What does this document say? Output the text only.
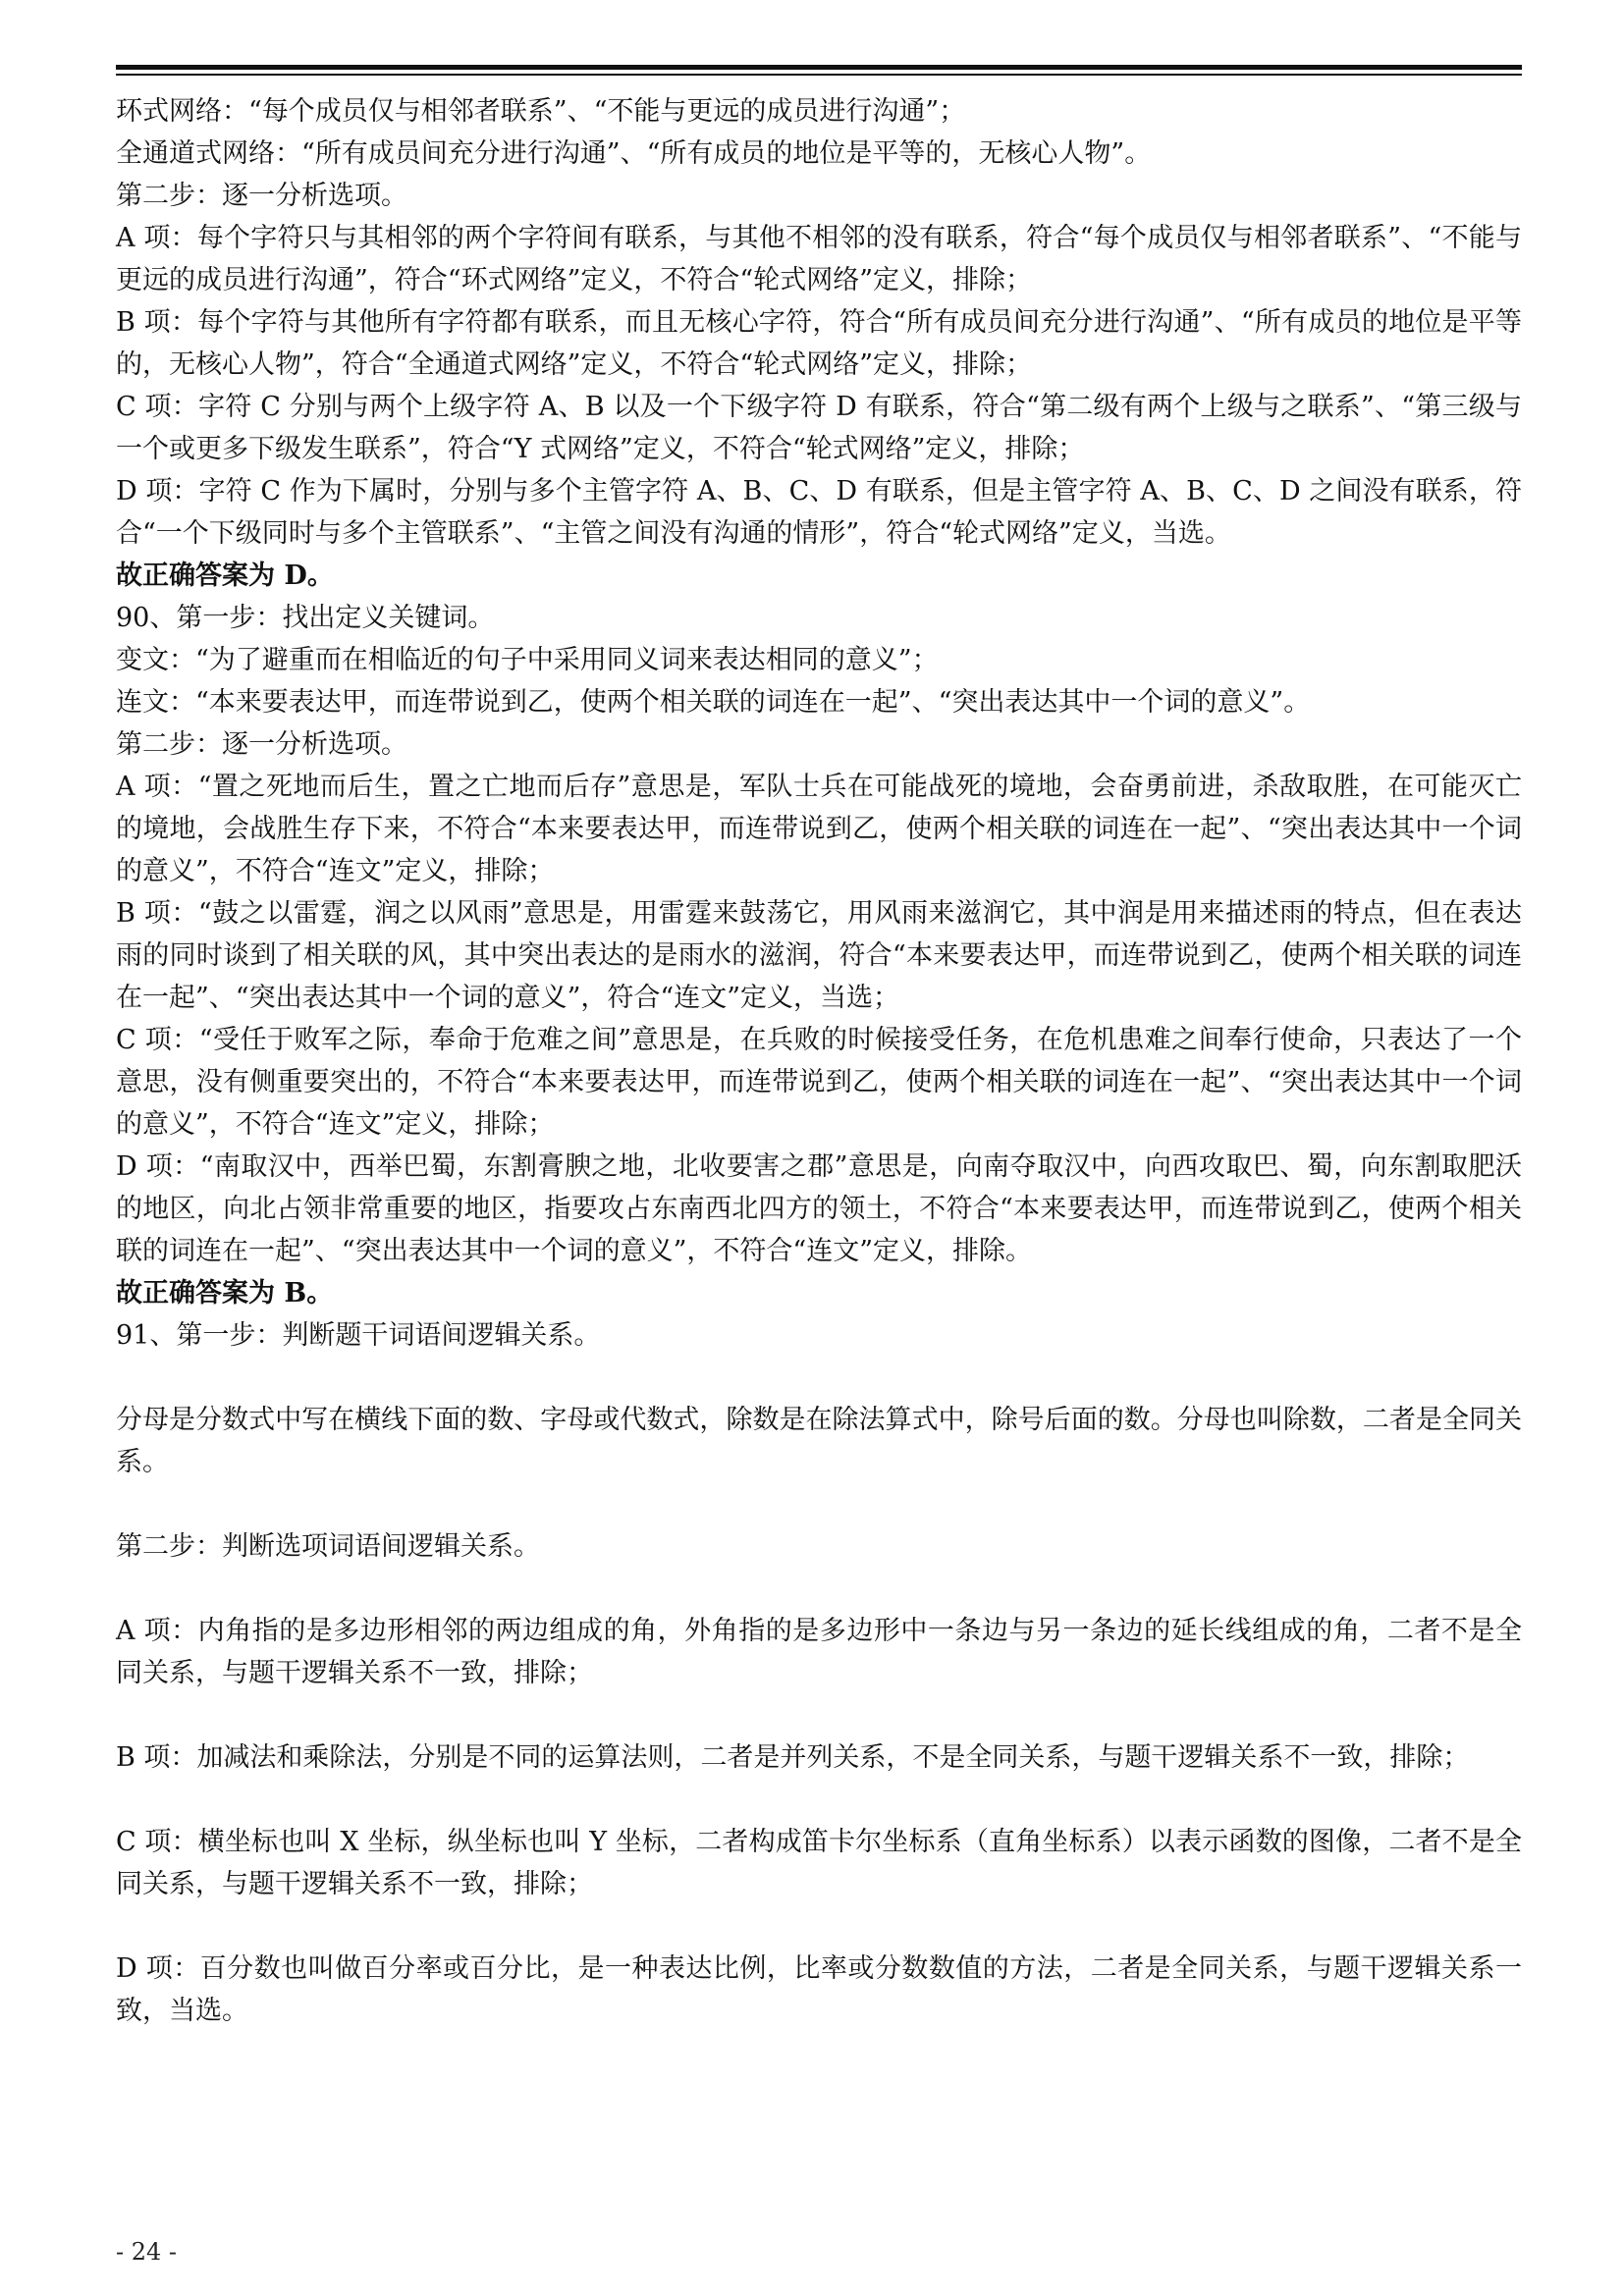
环式网络：“每个成员仅与相邻者联系”、“不能与更远的成员进行沟通”；

全通道式网络：“所有成员间充分进行沟通”、“所有成员的地位是平等的，无核心人物”。

第二步：逐一分析选项。

A 项：每个字符只与其相邻的两个字符间有联系，与其他不相邻的没有联系，符合“每个成员仅与相邻者联系”、“不能与更远的成员进行沟通”，符合“环式网络”定义，不符合“轮式网络”定义，排除；

B 项：每个字符与其他所有字符都有联系，而且无核心字符，符合“所有成员间充分进行沟通”、“所有成员的地位是平等的，无核心人物”，符合“全通道式网络”定义，不符合“轮式网络”定义，排除；

C 项：字符 C 分别与两个上级字符 A、B 以及一个下级字符 D 有联系，符合“第二级有两个上级与之联系”、“第三级与一个或更多下级发生联系”，符合“Y 式网络”定义，不符合“轮式网络”定义，排除；

D 项：字符 C 作为下属时，分别与多个主管字符 A、B、C、D 有联系，但是主管字符 A、B、C、D 之间没有联系，符合“一个下级同时与多个主管联系”、“主管之间没有沟通的情形”，符合“轮式网络”定义，当选。

故正确答案为 D。

90、第一步：找出定义关键词。

变文：“为了避重而在相临近的句子中采用同义词来表达相同的意义”；

连文：“本来要表达甲，而连带说到乙，使两个相关联的词连在一起”、“突出表达其中一个词的意义”。

第二步：逐一分析选项。

A 项：“置之死地而后生，置之亡地而后存”意思是，军队士兵在可能战死的境地，会奋勇前进，杀敌取胜，在可能灭亡的境地，会战胜生存下来，不符合“本来要表达甲，而连带说到乙，使两个相关联的词连在一起”、“突出表达其中一个词的意义”，不符合“连文”定义，排除；

B 项：“鼓之以雷霆，润之以风雨”意思是，用雷霆来鼓荡它，用风雨来滋润它，其中润是用来描述雨的特点，但在表达雨的同时谈到了相关联的风，其中突出表达的是雨水的滋润，符合“本来要表达甲，而连带说到乙，使两个相关联的词连在一起”、“突出表达其中一个词的意义”，符合“连文”定义，当选；

C 项：“受任于败军之际，奉命于危难之间”意思是，在兵败的时候接受任务，在危机患难之间奉行使命，只表达了一个意思，没有侧重要突出的，不符合“本来要表达甲，而连带说到乙，使两个相关联的词连在一起”、“突出表达其中一个词的意义”，不符合“连文”定义，排除；

D 项：“南取汉中，西举巴蜀，东割膏腴之地，北收要害之郡”意思是，向南夺取汉中，向西攻取巴、蜀，向东割取肥沃的地区，向北占领非常重要的地区，指要攻占东南西北四方的领土，不符合“本来要表达甲，而连带说到乙，使两个相关联的词连在一起”、“突出表达其中一个词的意义”，不符合“连文”定义，排除。

故正确答案为 B。

91、第一步：判断题干词语间逻辑关系。

分母是分数式中写在横线下面的数、字母或代数式，除数是在除法算式中，除号后面的数。分母也叫除数，二者是全同关系。

第二步：判断选项词语间逻辑关系。

A 项：内角指的是多边形相邻的两边组成的角，外角指的是多边形中一条边与另一条边的延长线组成的角，二者不是全同关系，与题干逻辑关系不一致，排除；

B 项：加减法和乘除法，分别是不同的运算法则，二者是并列关系，不是全同关系，与题干逻辑关系不一致，排除；

C 项：横坐标也叫 X 坐标，纵坐标也叫 Y 坐标，二者构成笛卡尔坐标系（直角坐标系）以表示函数的图像，二者不是全同关系，与题干逻辑关系不一致，排除；

D 项：百分数也叫做百分率或百分比，是一种表达比例，比率或分数数值的方法，二者是全同关系，与题干逻辑关系一致，当选。

- 24 -
